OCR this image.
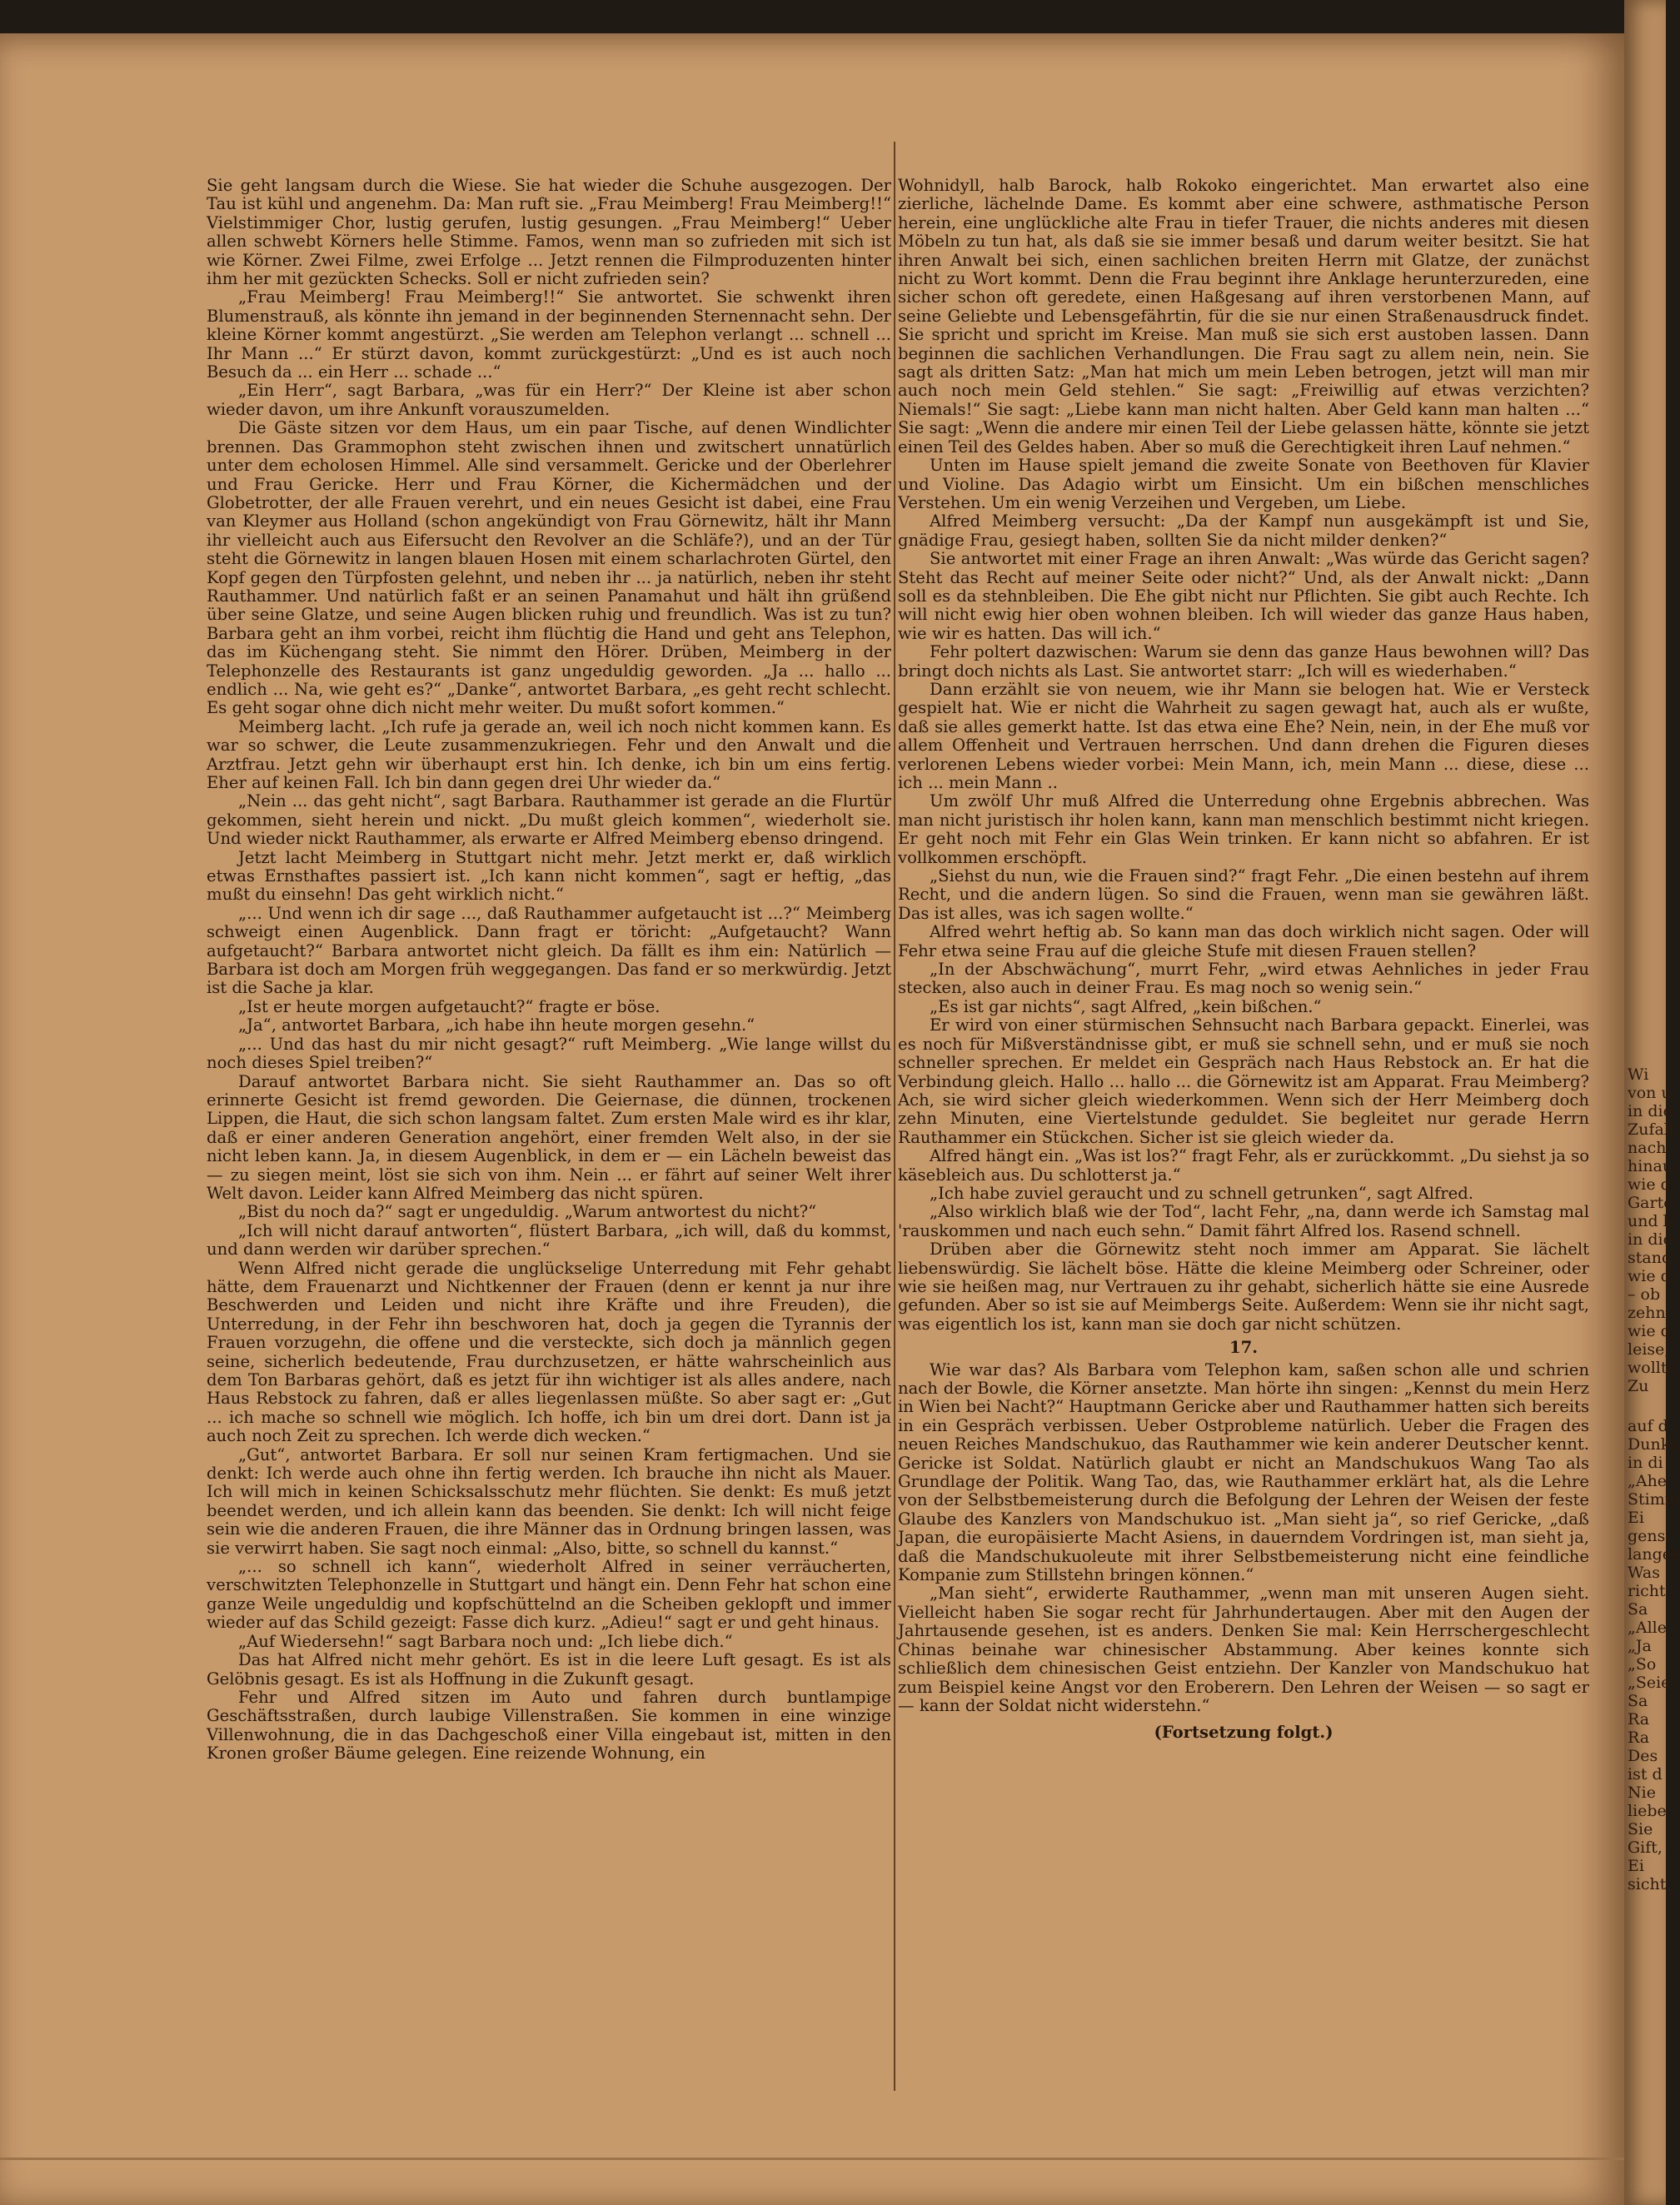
Sie geht langsam durch die Wiese. Sie hat wieder die Schuhe ausgezogen. Der Tau ist kühl und angenehm. Da: Man ruft sie. „Frau Meimberg! Frau Meimberg!!“ Vielstimmiger Chor, lustig gerufen, lustig gesungen. „Frau Meimberg!“ Ueber allen schwebt Körners helle Stimme. Famos, wenn man so zufrieden mit sich ist wie Körner. Zwei Filme, zwei Erfolge ... Jetzt rennen die Filmproduzenten hinter ihm her mit gezückten Schecks. Soll er nicht zufrieden sein?

„Frau Meimberg! Frau Meimberg!!“ Sie antwortet. Sie schwenkt ihren Blumenstrauß, als könnte ihn jemand in der beginnenden Sternennacht sehn. Der kleine Körner kommt angestürzt. „Sie werden am Telephon verlangt ... schnell ... Ihr Mann ...“ Er stürzt davon, kommt zurückgestürzt: „Und es ist auch noch Besuch da ... ein Herr ... schade ...“

„Ein Herr“, sagt Barbara, „was für ein Herr?“ Der Kleine ist aber schon wieder davon, um ihre Ankunft vorauszumelden.

Die Gäste sitzen vor dem Haus, um ein paar Tische, auf denen Windlichter brennen. Das Grammophon steht zwischen ihnen und zwitschert unnatürlich unter dem echolosen Himmel. Alle sind versammelt. Gericke und der Oberlehrer und Frau Gericke. Herr und Frau Körner, die Kichermädchen und der Globetrotter, der alle Frauen verehrt, und ein neues Gesicht ist dabei, eine Frau van Kleymer aus Holland (schon angekündigt von Frau Görnewitz, hält ihr Mann ihr vielleicht auch aus Eifersucht den Revolver an die Schläfe?), und an der Tür steht die Görnewitz in langen blauen Hosen mit einem scharlachroten Gürtel, den Kopf gegen den Türpfosten gelehnt, und neben ihr ... ja natürlich, neben ihr steht Rauthammer. Und natürlich faßt er an seinen Panamahut und hält ihn grüßend über seine Glatze, und seine Augen blicken ruhig und freundlich. Was ist zu tun? Barbara geht an ihm vorbei, reicht ihm flüchtig die Hand und geht ans Telephon, das im Küchengang steht. Sie nimmt den Hörer. Drüben, Meimberg in der Telephonzelle des Restaurants ist ganz ungeduldig geworden. „Ja ... hallo ... endlich ... Na, wie geht es?“ „Danke“, antwortet Barbara, „es geht recht schlecht. Es geht sogar ohne dich nicht mehr weiter. Du mußt sofort kommen.“

Meimberg lacht. „Ich rufe ja gerade an, weil ich noch nicht kommen kann. Es war so schwer, die Leute zusammenzukriegen. Fehr und den Anwalt und die Arztfrau. Jetzt gehn wir überhaupt erst hin. Ich denke, ich bin um eins fertig. Eher auf keinen Fall. Ich bin dann gegen drei Uhr wieder da.“

„Nein ... das geht nicht“, sagt Barbara. Rauthammer ist gerade an die Flurtür gekommen, sieht herein und nickt. „Du mußt gleich kommen“, wiederholt sie. Und wieder nickt Rauthammer, als erwarte er Alfred Meimberg ebenso dringend.

Jetzt lacht Meimberg in Stuttgart nicht mehr. Jetzt merkt er, daß wirklich etwas Ernsthaftes passiert ist. „Ich kann nicht kommen“, sagt er heftig, „das mußt du einsehn! Das geht wirklich nicht.“

„... Und wenn ich dir sage ..., daß Rauthammer aufgetaucht ist ...?“ Meimberg schweigt einen Augenblick. Dann fragt er töricht: „Aufgetaucht? Wann aufgetaucht?“ Barbara antwortet nicht gleich. Da fällt es ihm ein: Natürlich — Barbara ist doch am Morgen früh weggegangen. Das fand er so merkwürdig. Jetzt ist die Sache ja klar.

„Ist er heute morgen aufgetaucht?“ fragte er böse.

„Ja“, antwortet Barbara, „ich habe ihn heute morgen gesehn.“

„... Und das hast du mir nicht gesagt?“ ruft Meimberg. „Wie lange willst du noch dieses Spiel treiben?“

Darauf antwortet Barbara nicht. Sie sieht Rauthammer an. Das so oft erinnerte Gesicht ist fremd geworden. Die Geiernase, die dünnen, trockenen Lippen, die Haut, die sich schon langsam faltet. Zum ersten Male wird es ihr klar, daß er einer anderen Generation angehört, einer fremden Welt also, in der sie nicht leben kann. Ja, in diesem Augenblick, in dem er — ein Lächeln beweist das — zu siegen meint, löst sie sich von ihm. Nein ... er fährt auf seiner Welt ihrer Welt davon. Leider kann Alfred Meimberg das nicht spüren.

„Bist du noch da?“ sagt er ungeduldig. „Warum antwortest du nicht?“

„Ich will nicht darauf antworten“, flüstert Barbara, „ich will, daß du kommst, und dann werden wir darüber sprechen.“

Wenn Alfred nicht gerade die unglückselige Unterredung mit Fehr gehabt hätte, dem Frauenarzt und Nichtkenner der Frauen (denn er kennt ja nur ihre Beschwerden und Leiden und nicht ihre Kräfte und ihre Freuden), die Unterredung, in der Fehr ihn beschworen hat, doch ja gegen die Tyrannis der Frauen vorzugehn, die offene und die versteckte, sich doch ja männlich gegen seine, sicherlich bedeutende, Frau durchzusetzen, er hätte wahrscheinlich aus dem Ton Barbaras gehört, daß es jetzt für ihn wichtiger ist als alles andere, nach Haus Rebstock zu fahren, daß er alles liegenlassen müßte. So aber sagt er: „Gut ... ich mache so schnell wie möglich. Ich hoffe, ich bin um drei dort. Dann ist ja auch noch Zeit zu sprechen. Ich werde dich wecken.“

„Gut“, antwortet Barbara. Er soll nur seinen Kram fertigmachen. Und sie denkt: Ich werde auch ohne ihn fertig werden. Ich brauche ihn nicht als Mauer. Ich will mich in keinen Schicksalsschutz mehr flüchten. Sie denkt: Es muß jetzt beendet werden, und ich allein kann das beenden. Sie denkt: Ich will nicht feige sein wie die anderen Frauen, die ihre Männer das in Ordnung bringen lassen, was sie verwirrt haben. Sie sagt noch einmal: „Also, bitte, so schnell du kannst.“

„... so schnell ich kann“, wiederholt Alfred in seiner verräucherten, verschwitzten Telephonzelle in Stuttgart und hängt ein. Denn Fehr hat schon eine ganze Weile ungeduldig und kopfschüttelnd an die Scheiben geklopft und immer wieder auf das Schild gezeigt: Fasse dich kurz. „Adieu!“ sagt er und geht hinaus.

„Auf Wiedersehn!“ sagt Barbara noch und: „Ich liebe dich.“

Das hat Alfred nicht mehr gehört. Es ist in die leere Luft gesagt. Es ist als Gelöbnis gesagt. Es ist als Hoffnung in die Zukunft gesagt.

Fehr und Alfred sitzen im Auto und fahren durch buntlampige Geschäftsstraßen, durch laubige Villenstraßen. Sie kommen in eine winzige Villenwohnung, die in das Dachgeschoß einer Villa eingebaut ist, mitten in den Kronen großer Bäume gelegen. Eine reizende Wohnung, ein

Wohnidyll, halb Barock, halb Rokoko eingerichtet. Man erwartet also eine zierliche, lächelnde Dame. Es kommt aber eine schwere, asthmatische Person herein, eine unglückliche alte Frau in tiefer Trauer, die nichts anderes mit diesen Möbeln zu tun hat, als daß sie sie immer besaß und darum weiter besitzt. Sie hat ihren Anwalt bei sich, einen sachlichen breiten Herrn mit Glatze, der zunächst nicht zu Wort kommt. Denn die Frau beginnt ihre Anklage herunterzureden, eine sicher schon oft geredete, einen Haßgesang auf ihren verstorbenen Mann, auf seine Geliebte und Lebensgefährtin, für die sie nur einen Straßenausdruck findet. Sie spricht und spricht im Kreise. Man muß sie sich erst austoben lassen. Dann beginnen die sachlichen Verhandlungen. Die Frau sagt zu allem nein, nein. Sie sagt als dritten Satz: „Man hat mich um mein Leben betrogen, jetzt will man mir auch noch mein Geld stehlen.“ Sie sagt: „Freiwillig auf etwas verzichten? Niemals!“ Sie sagt: „Liebe kann man nicht halten. Aber Geld kann man halten ...“ Sie sagt: „Wenn die andere mir einen Teil der Liebe gelassen hätte, könnte sie jetzt einen Teil des Geldes haben. Aber so muß die Gerechtigkeit ihren Lauf nehmen.“

Unten im Hause spielt jemand die zweite Sonate von Beethoven für Klavier und Violine. Das Adagio wirbt um Einsicht. Um ein bißchen menschliches Verstehen. Um ein wenig Verzeihen und Vergeben, um Liebe.

Alfred Meimberg versucht: „Da der Kampf nun ausgekämpft ist und Sie, gnädige Frau, gesiegt haben, sollten Sie da nicht milder denken?“

Sie antwortet mit einer Frage an ihren Anwalt: „Was würde das Gericht sagen? Steht das Recht auf meiner Seite oder nicht?“ Und, als der Anwalt nickt: „Dann soll es da stehnbleiben. Die Ehe gibt nicht nur Pflichten. Sie gibt auch Rechte. Ich will nicht ewig hier oben wohnen bleiben. Ich will wieder das ganze Haus haben, wie wir es hatten. Das will ich.“

Fehr poltert dazwischen: Warum sie denn das ganze Haus bewohnen will? Das bringt doch nichts als Last. Sie antwortet starr: „Ich will es wiederhaben.“

Dann erzählt sie von neuem, wie ihr Mann sie belogen hat. Wie er Versteck gespielt hat. Wie er nicht die Wahrheit zu sagen gewagt hat, auch als er wußte, daß sie alles gemerkt hatte. Ist das etwa eine Ehe? Nein, nein, in der Ehe muß vor allem Offenheit und Vertrauen herrschen. Und dann drehen die Figuren dieses verlorenen Lebens wieder vorbei: Mein Mann, ich, mein Mann ... diese, diese ... ich ... mein Mann ..

Um zwölf Uhr muß Alfred die Unterredung ohne Ergebnis abbrechen. Was man nicht juristisch ihr holen kann, kann man menschlich bestimmt nicht kriegen. Er geht noch mit Fehr ein Glas Wein trinken. Er kann nicht so abfahren. Er ist vollkommen erschöpft.

„Siehst du nun, wie die Frauen sind?“ fragt Fehr. „Die einen bestehn auf ihrem Recht, und die andern lügen. So sind die Frauen, wenn man sie gewähren läßt. Das ist alles, was ich sagen wollte.“

Alfred wehrt heftig ab. So kann man das doch wirklich nicht sagen. Oder will Fehr etwa seine Frau auf die gleiche Stufe mit diesen Frauen stellen?

„In der Abschwächung“, murrt Fehr, „wird etwas Aehnliches in jeder Frau stecken, also auch in deiner Frau. Es mag noch so wenig sein.“

„Es ist gar nichts“, sagt Alfred, „kein bißchen.“

Er wird von einer stürmischen Sehnsucht nach Barbara gepackt. Einerlei, was es noch für Mißverständnisse gibt, er muß sie schnell sehn, und er muß sie noch schneller sprechen. Er meldet ein Gespräch nach Haus Rebstock an. Er hat die Verbindung gleich. Hallo ... hallo ... die Görnewitz ist am Apparat. Frau Meimberg? Ach, sie wird sicher gleich wiederkommen. Wenn sich der Herr Meimberg doch zehn Minuten, eine Viertelstunde geduldet. Sie begleitet nur gerade Herrn Rauthammer ein Stückchen. Sicher ist sie gleich wieder da.

Alfred hängt ein. „Was ist los?“ fragt Fehr, als er zurückkommt. „Du siehst ja so käsebleich aus. Du schlotterst ja.“

„Ich habe zuviel geraucht und zu schnell getrunken“, sagt Alfred.

„Also wirklich blaß wie der Tod“, lacht Fehr, „na, dann werde ich Samstag mal 'rauskommen und nach euch sehn.“ Damit fährt Alfred los. Rasend schnell.

Drüben aber die Görnewitz steht noch immer am Apparat. Sie lächelt liebenswürdig. Sie lächelt böse. Hätte die kleine Meimberg oder Schreiner, oder wie sie heißen mag, nur Vertrauen zu ihr gehabt, sicherlich hätte sie eine Ausrede gefunden. Aber so ist sie auf Meimbergs Seite. Außerdem: Wenn sie ihr nicht sagt, was eigentlich los ist, kann man sie doch gar nicht schützen.

17.

Wie war das? Als Barbara vom Telephon kam, saßen schon alle und schrien nach der Bowle, die Körner ansetzte. Man hörte ihn singen: „Kennst du mein Herz in Wien bei Nacht?“ Hauptmann Gericke aber und Rauthammer hatten sich bereits in ein Gespräch verbissen. Ueber Ostprobleme natürlich. Ueber die Fragen des neuen Reiches Mandschukuo, das Rauthammer wie kein anderer Deutscher kennt. Gericke ist Soldat. Natürlich glaubt er nicht an Mandschukuos Wang Tao als Grundlage der Politik. Wang Tao, das, wie Rauthammer erklärt hat, als die Lehre von der Selbstbemeisterung durch die Befolgung der Lehren der Weisen der feste Glaube des Kanzlers von Mandschukuo ist. „Man sieht ja“, so rief Gericke, „daß Japan, die europäisierte Macht Asiens, in dauerndem Vordringen ist, man sieht ja, daß die Mandschukuoleute mit ihrer Selbstbemeisterung nicht eine feindliche Kompanie zum Stillstehn bringen können.“

„Man sieht“, erwiderte Rauthammer, „wenn man mit unseren Augen sieht. Vielleicht haben Sie sogar recht für Jahrhundertaugen. Aber mit den Augen der Jahrtausende gesehen, ist es anders. Denken Sie mal: Kein Herrschergeschlecht Chinas beinahe war chinesischer Abstammung. Aber keines konnte sich schließlich dem chinesischen Geist entziehn. Der Kanzler von Mandschukuo hat zum Beispiel keine Angst vor den Eroberern. Den Lehren der Weisen — so sagt er — kann der Soldat nicht widerstehn.“

(Fortsetzung folgt.)

Wi
von u
in die
Zufall
nach
hinau
wie d
Garte
und b
in die
stand.
wie d
– ob
zehn
wie d
leise,
wollte
Zu
auf d
Dunke
in di
„Ahe
Stimm
Ei
gens,
langes
Was
richt
Sa
„Alle
„Ja
„So
„Seie
Sa
Ra
Ra
Des
ist d
Nie
liebe
Sie
Gift,
Ei
sicht,
